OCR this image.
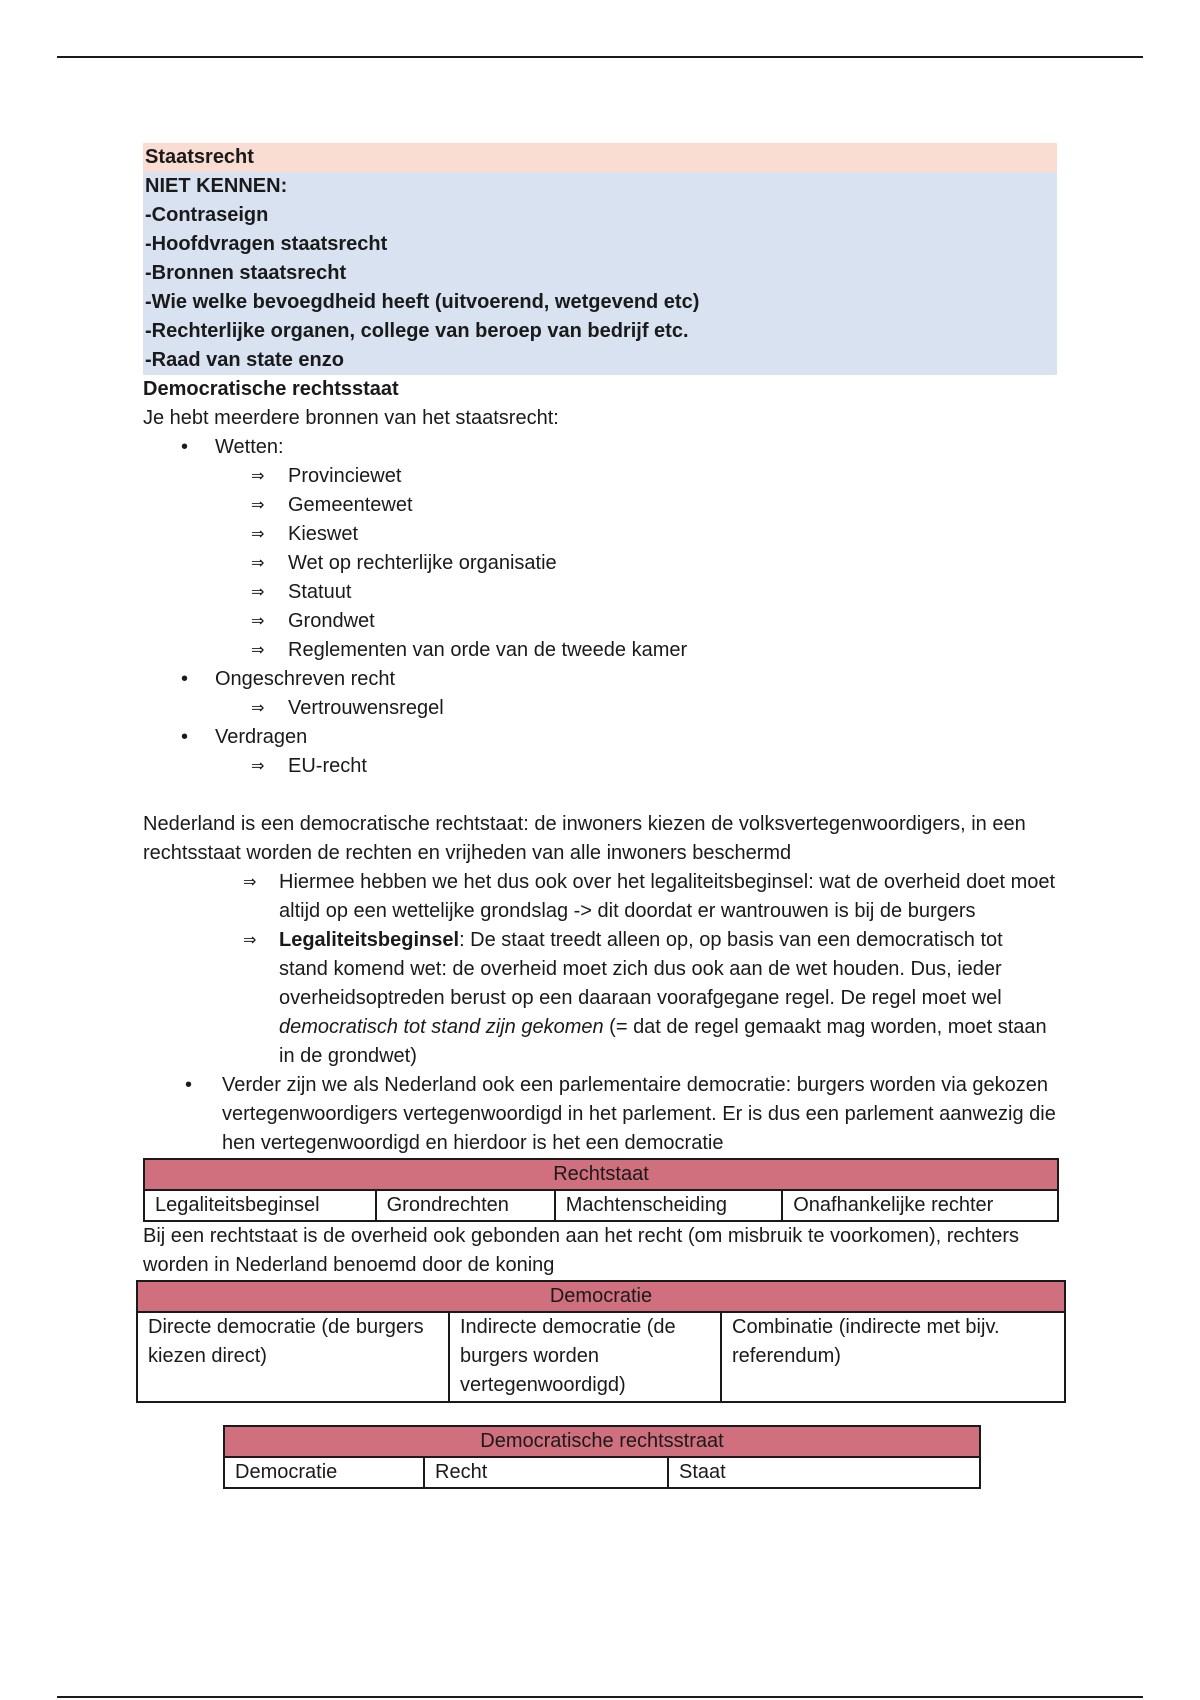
Staatsrecht
NIET KENNEN:
-Contraseign
-Hoofdvragen staatsrecht
-Bronnen staatsrecht
-Wie welke bevoegdheid heeft (uitvoerend, wetgevend etc)
-Rechterlijke organen, college van beroep van bedrijf etc.
-Raad van state enzo
Democratische rechtsstaat
Je hebt meerdere bronnen van het staatsrecht:
• Wetten:
⇒ Provinciewet
⇒ Gemeentewet
⇒ Kieswet
⇒ Wet op rechterlijke organisatie
⇒ Statuut
⇒ Grondwet
⇒ Reglementen van orde van de tweede kamer
• Ongeschreven recht
⇒ Vertrouwensregel
• Verdragen
⇒ EU-recht
Nederland is een democratische rechtstaat: de inwoners kiezen de volksvertegenwoordigers, in een rechtsstaat worden de rechten en vrijheden van alle inwoners beschermd
⇒ Hiermee hebben we het dus ook over het legaliteitsbeginsel: wat de overheid doet moet altijd op een wettelijke grondslag -> dit doordat er wantrouwen is bij de burgers
⇒ Legaliteitsbeginsel: De staat treedt alleen op, op basis van een democratisch tot stand komend wet: de overheid moet zich dus ook aan de wet houden. Dus, ieder overheidsoptreden berust op een daaraan voorafgegane regel. De regel moet wel democratisch tot stand zijn gekomen (= dat de regel gemaakt mag worden, moet staan in de grondwet)
• Verder zijn we als Nederland ook een parlementaire democratie: burgers worden via gekozen vertegenwoordigers vertegenwoordigd in het parlement. Er is dus een parlement aanwezig die hen vertegenwoordigd en hierdoor is het een democratie
Rechtstaat
Legaliteitsbeginsel	Grondrechten	Machtenscheiding	Onafhankelijke rechter
Bij een rechtstaat is de overheid ook gebonden aan het recht (om misbruik te voorkomen), rechters worden in Nederland benoemd door de koning
Democratie
Directe democratie (de burgers kiezen direct)	Indirecte democratie (de burgers worden vertegenwoordigd)	Combinatie (indirecte met bijv. referendum)
Democratische rechtsstraat
Democratie	Recht	Staat
